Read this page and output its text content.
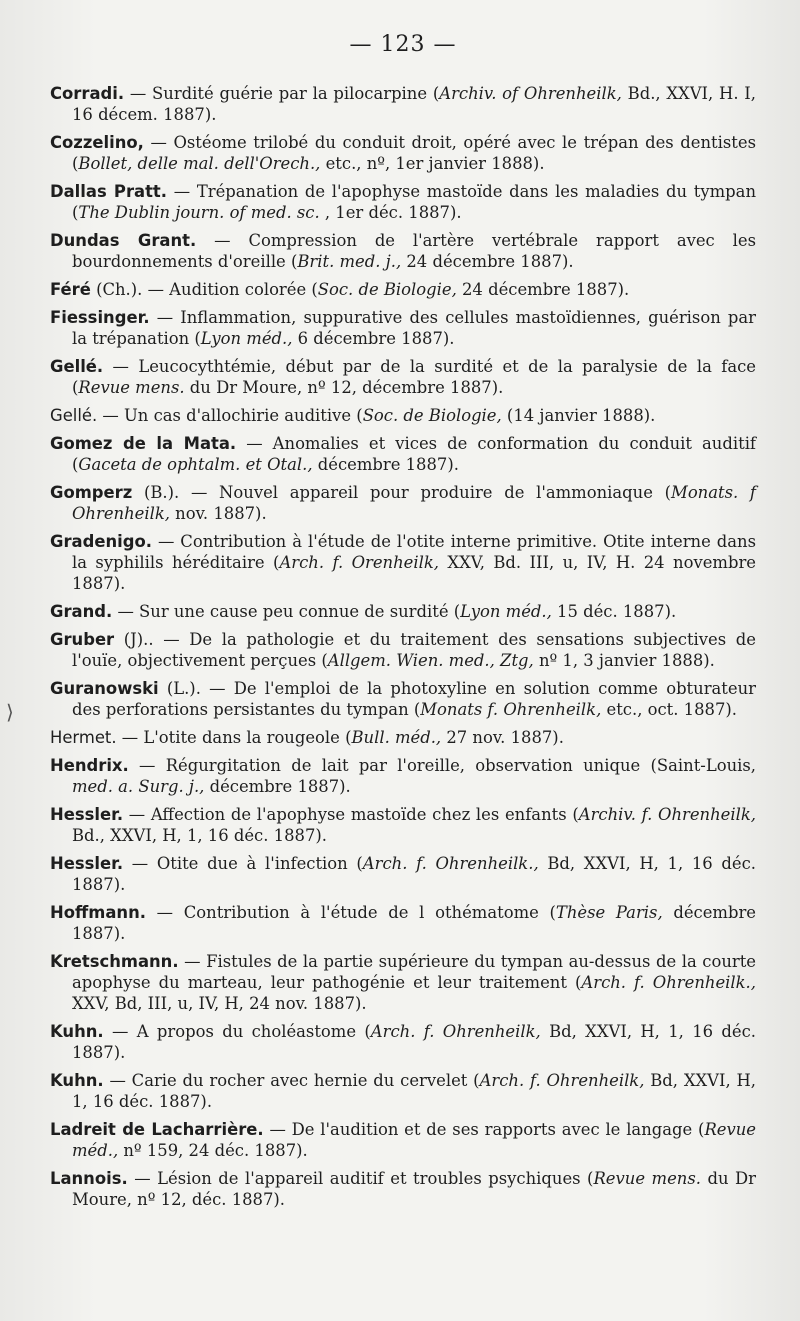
— 123 —
Corradi. — Surdité guérie par la pilocarpine (Archiv. of Ohrenheilk, Bd., XXVI, H. I, 16 décem. 1887).
Cozzelino, — Ostéome trilobé du conduit droit, opéré avec le trépan des dentistes (Bollet, delle mal. dell'Orech., etc., nº, 1er janvier 1888).
Dallas Pratt. — Trépanation de l'apophyse mastoïde dans les maladies du tympan (The Dublin journ. of med. sc. , 1er déc. 1887).
Dundas Grant. — Compression de l'artère vertébrale rapport avec les bourdonnements d'oreille (Brit. med. j., 24 décembre 1887).
Féré (Ch.). — Audition colorée (Soc. de Biologie, 24 décembre 1887).
Fiessinger. — Inflammation, suppurative des cellules mastoïdiennes, guérison par la trépanation (Lyon méd., 6 décembre 1887).
Gellé. — Leucocythtémie, début par de la surdité et de la paralysie de la face (Revue mens. du Dr Moure, nº 12, décembre 1887).
Gellé. — Un cas d'allochirie auditive (Soc. de Biologie, (14 janvier 1888).
Gomez de la Mata. — Anomalies et vices de conformation du conduit auditif (Gaceta de ophtalm. et Otal., décembre 1887).
Gomperz (B.). — Nouvel appareil pour produire de l'ammoniaque (Monats. f Ohrenheilk, nov. 1887).
Gradenigo. — Contribution à l'étude de l'otite interne primitive. Otite interne dans la syphilils héréditaire (Arch. f. Orenheilk, XXV, Bd. III, u, IV, H. 24 novembre 1887).
Grand. — Sur une cause peu connue de surdité (Lyon méd., 15 déc. 1887).
Gruber (J).. — De la pathologie et du traitement des sensations subjectives de l'ouïe, objectivement perçues (Allgem. Wien. med., Ztg, nº 1, 3 janvier 1888).
Guranowski (L.). — De l'emploi de la photoxyline en solution comme obturateur des perforations persistantes du tympan (Monats f. Ohrenheilk, etc., oct. 1887).
Hermet. — L'otite dans la rougeole (Bull. méd., 27 nov. 1887).
Hendrix. — Régurgitation de lait par l'oreille, observation unique (Saint-Louis, med. a. Surg. j., décembre 1887).
Hessler. — Affection de l'apophyse mastoïde chez les enfants (Archiv. f. Ohrenheilk, Bd., XXVI, H, 1, 16 déc. 1887).
Hessler. — Otite due à l'infection (Arch. f. Ohrenheilk., Bd, XXVI, H, 1, 16 déc. 1887).
Hoffmann. — Contribution à l'étude de l othématome (Thèse Paris, décembre 1887).
Kretschmann. — Fistules de la partie supérieure du tympan au-dessus de la courte apophyse du marteau, leur pathogénie et leur traitement (Arch. f. Ohrenheilk., XXV, Bd, III, u, IV, H, 24 nov. 1887).
Kuhn. — A propos du choléastome (Arch. f. Ohrenheilk, Bd, XXVI, H, 1, 16 déc. 1887).
Kuhn. — Carie du rocher avec hernie du cervelet (Arch. f. Ohrenheilk, Bd, XXVI, H, 1, 16 déc. 1887).
Ladreit de Lacharrière. — De l'audition et de ses rapports avec le langage (Revue méd., nº 159, 24 déc. 1887).
Lannois. — Lésion de l'appareil auditif et troubles psychiques (Revue mens. du Dr Moure, nº 12, déc. 1887).
⟩
